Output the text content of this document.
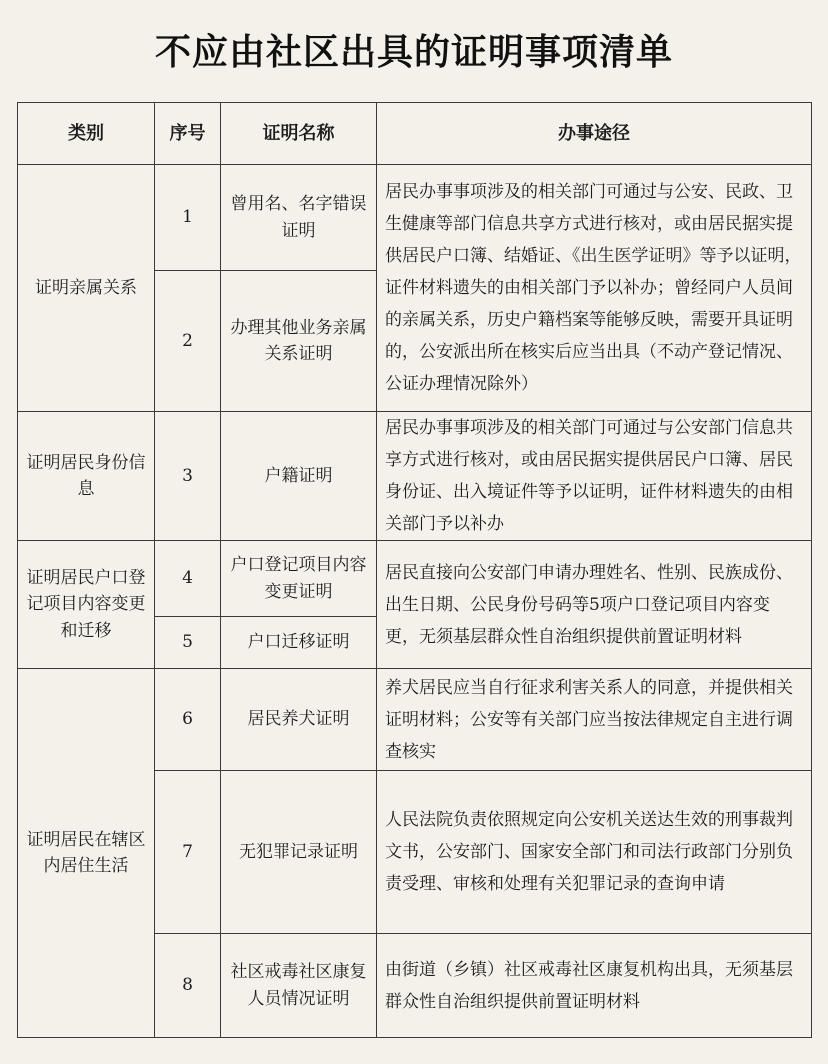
不应由社区出具的证明事项清单
类别	序号	证明名称	办事途径
证明亲属关系	1	曾用名、名字错误证明	居民办事事项涉及的相关部门可通过与公安、民政、卫生健康等部门信息共享方式进行核对，或由居民据实提供居民户口簿、结婚证、《出生医学证明》等予以证明，证件材料遗失的由相关部门予以补办；曾经同户人员间的亲属关系，历史户籍档案等能够反映，需要开具证明的，公安派出所在核实后应当出具（不动产登记情况、公证办理情况除外）
	2	办理其他业务亲属关系证明	
证明居民身份信息	3	户籍证明	居民办事事项涉及的相关部门可通过与公安部门信息共享方式进行核对，或由居民据实提供居民户口簿、居民身份证、出入境证件等予以证明，证件材料遗失的由相关部门予以补办
证明居民户口登记项目内容变更和迁移	4	户口登记项目内容变更证明	居民直接向公安部门申请办理姓名、性别、民族成份、出生日期、公民身份号码等5项户口登记项目内容变更，无须基层群众性自治组织提供前置证明材料
	5	户口迁移证明	
证明居民在辖区内居住生活	6	居民养犬证明	养犬居民应当自行征求利害关系人的同意，并提供相关证明材料；公安等有关部门应当按法律规定自主进行调查核实
	7	无犯罪记录证明	人民法院负责依照规定向公安机关送达生效的刑事裁判文书，公安部门、国家安全部门和司法行政部门分别负责受理、审核和处理有关犯罪记录的查询申请
	8	社区戒毒社区康复人员情况证明	由街道（乡镇）社区戒毒社区康复机构出具，无须基层群众性自治组织提供前置证明材料
